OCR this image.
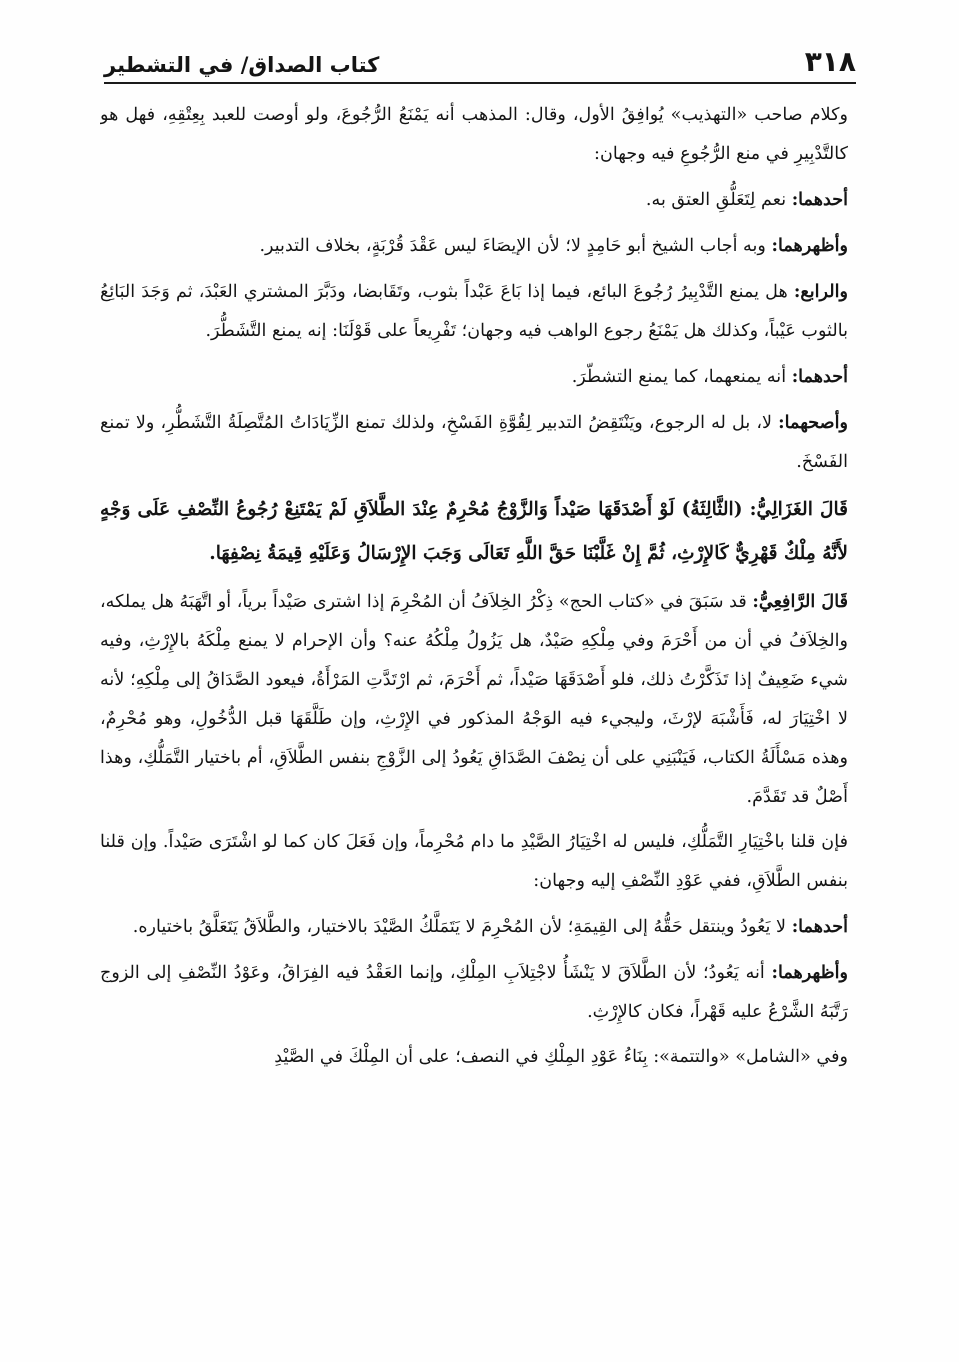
٣١٨
كتاب الصداق/ في التشطير

وكلام صاحب «التهذيب» يُوافِقُ الأول، وقال: المذهب أنه يَمْنَعُ الرُّجُوعَ، ولو أوصت للعبد بِعِتْقِهِ، فهل هو كالتَّدْبِيرِ في منع الرُّجُوعِ فيه وجهان:

أحدهما: نعم لِتَعَلُّقِ العتق به.

وأظهرهما: وبه أجاب الشيخ أبو حَامِدٍ لا؛ لأن الإيصَاءَ ليس عَقْدَ قُرْبَةٍ، بخلاف التدبير.

والرابع: هل يمنع التَّدْبِيرُ رُجُوعَ البائع، فيما إذا بَاعَ عَبْداً بثوب، وتَقَابضا، ودَبَّرَ المشتري العَبْدَ، ثم وَجَدَ البَائِعُ بالثوب عَيْباً، وكذلك هل يَمْنَعُ رجوع الواهب فيه وجهان؛ تَفْرِيعاً على قَوْلَنَا: إنه يمنع التَّشَطُّرَ.

أحدهما: أنه يمنعهما، كما يمنع التشطّرَ.

وأصحهما: لا، بل له الرجوع، ويَنْتَقِضُ التدبير لِقُوَّةِ الفَسْخِ، ولذلك تمنع الزِّيَادَاتُ المُتَّصِلَةُ التَّشَطُّرِ، ولا تمنع الفَسْخَ.

قَالَ الغَزَالِيُّ: (الثَّالِثَةُ) لَوْ أَصْدَقَهَا صَيْداً وَالزَّوْجُ مُحْرِمٌ عِنْدَ الطَّلاَقِ لَمْ يَمْتَنِعْ رُجُوعُ النِّصْفِ عَلَى وَجْهٍ لأَنَّهُ مِلْكٌ قَهْرِيٌّ كَالإِرْثِ، ثُمَّ إِنْ غَلَّبْنَا حَقَّ اللَّهِ تَعَالَى وَجَبَ الإِرْسَالُ وَعَلَيْهِ قِيمَةُ نِصْفِهَا.

قَالَ الرَّافِعِيُّ: قد سَبَقَ في «كتاب الحج» ذِكْرُ الخِلاَفُ أن المُحْرِمَ إذا اشترى صَيْداً برياً، أو اتَّهَبَهُ هل يملكه، والخِلاَفُ في أن من أَحْرَمَ وفي مِلْكِهِ صَيْدٌ، هل يَزُولُ مِلْكُهُ عنه؟ وأن الإحرام لا يمنع مِلْكَهُ بالإِرْثِ، وفيه شيء ضَعِيفٌ إذا تَذَكَّرْتُ ذلك، فلو أَصْدَقَهَا صَيْداً، ثم أَحْرَمَ، ثم ارْتَدَّتِ المَرْأَةُ، فيعود الصَّدَاقُ إلى مِلْكِهِ؛ لأنه لا اخْتِيَارَ له، فَأَشْبَهَ لإرْثَ، وليجيء فيه الوَجْهُ المذكور في الإِرْثِ، وإن طَلَّقَهَا قبل الدُّخُولِ، وهو مُحْرِمٌ، وهذه مَسْأَلَةُ الكتاب، فَيَنْبَنِي على أن نِصْفَ الصَّدَاقِ يَعُودُ إلى الزَّوْجِ بنفس الطَّلاَقِ، أم باختيار التَّمَلُّكِ، وهذا أَصْلٌ قد تَقَدَّمَ.

فإن قلنا باخْتِيَارِ التَّمَلُّكِ، فليس له اخْتِيَارُ الصَّيْدِ ما دام مُحْرِماً، وإن فَعَلَ كان كما لو اشْتَرَى صَيْداً. وإن قلنا بنفس الطَّلاَقِ، ففي عَوْدِ النِّصْفِ إليه وجهان:

أحدهما: لا يَعُودُ وينتقل حَقُّهُ إلى القِيمَةِ؛ لأن المُحْرِمَ لا يَتَمَلَّكُ الصَّيْدَ بالاختيار، والطَّلاَقُ يَتَعَلَّقُ باختياره.

وأظهرهما: أنه يَعُودُ؛ لأن الطَّلاَقَ لا يَنْشَأُ لاجْتِلاَبِ المِلْكِ، وإنما العَقْدُ فيه الفِرَاقُ، وعَوْدُ النِّصْفِ إلى الزوج رَتَّبَهُ الشَّرْعُ عليه قَهْراً، فكان كالإِرْثِ.

وفي «الشامل» «والتتمة»: بِنَاءُ عَوْدِ المِلْكِ في النصف؛ على أن المِلْكَ في الصَّيْدِ
